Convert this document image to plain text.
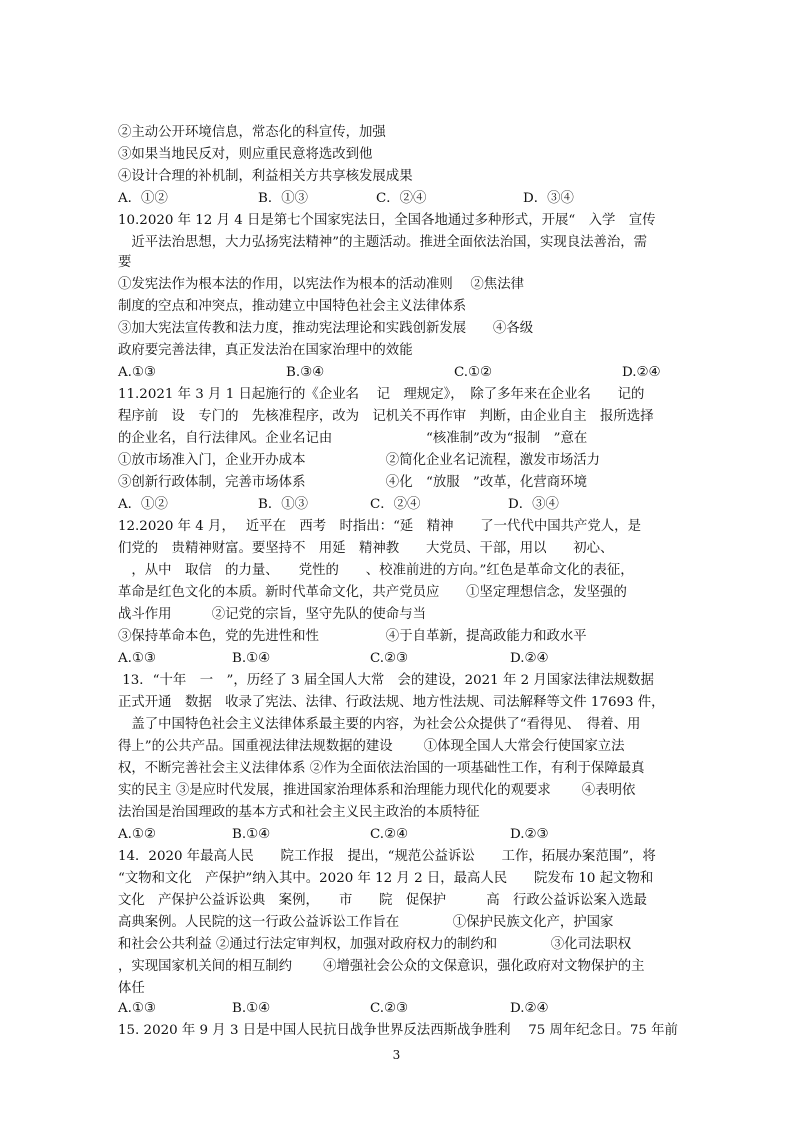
②主动公开环境信息，常态化的科宣传，加强
③如果当地民反对，则应重民意将选改到他
④设计合理的补机制，利益相关方共享核发展成果
A．①②	B．①③	C．②④	D．③④
10.2020 年 12 月 4 日是第七个国家宪法日，全国各地通过多种形式，开展“　入学　宣传
　近平法治思想，大力弘扬宪法精神”的主题活动。推进全面依法治国，实现良法善治，需
要
①发宪法作为根本法的作用，以宪法作为根本的活动准则　 ②焦法律
制度的空点和冲突点，推动建立中国特色社会主义法律体系
③加大宪法宣传教和法力度，推动宪法理论和实践创新发展　　④各级
政府要完善法律，真正发法治在国家治理中的效能
A.①③	B.③④	C.①②	D.②④
11.2021 年 3 月 1 日起施行的《企业名　 记　理规定》，　除了多年来在企业名　　记的
程序前　设　专门的　先核准程序，改为　记机关不再作审　判断，由企业自主　报所选择
的企业名，自行法律风。企业名记由　　　　　　　“核准制”改为“报制　”意在
①放市场准入门，企业开办成本　　　　　　②简化企业名记流程，激发市场活力
③创新行政体制，完善市场体系　　　　　　④化　“放服　”改革，化营商环境
A．①②	B．①③	C．②④	D．③④
12.2020 年 4 月，　 近平在　西考　时指出：“延　精神　　了一代代中国共产党人，是
们党的　贵精神财富。要坚持不　用延　精神教　　大党员、干部，用以　　初心、
　，从中　取信　的力量、　　党性的　　、校准前进的方向。”红色是革命文化的表征，
革命是红色文化的本质。新时代革命文化，共产党员应　　①坚定理想信念，发坚强的
战斗作用　　　②记党的宗旨，坚守先队的使命与当
③保持革命本色，党的先进性和性　　　　　④于自革新，提高政能力和政水平
A.①③	B.①④	C.②③	D.②④
13．“十年　一　”，历经了 3 届全国人大常　会的建设，2021 年 2 月国家法律法规数据
正式开通　数据　收录了宪法、法律、行政法规、地方性法规、司法解释等文件 17693 件，
　盖了中国特色社会主义法律体系最主要的内容，为社会公众提供了“看得见、　得着、用
得上”的公共产品。国重视法律法规数据的建设　　 ①体现全国人大常会行使国家立法
权，不断完善社会主义法律体系 ②作为全面依法治国的一项基础性工作，有利于保障最真
实的民主 ③是应时代发展，推进国家治理体系和治理能力现代化的观要求　　 ④表明依
法治国是治国理政的基本方式和社会主义民主政治的本质特征
A.①②	B.①④	C.②④	D.②③
14．2020 年最高人民　　院工作报　提出，“规范公益诉讼　　工作，拓展办案范围”，将
“文物和文化　产保护”纳入其中。2020 年 12 月 2 日，最高人民　　院发布 10 起文物和
文化　产保护公益诉讼典　案例，　　市　　院　促保护　　　高　行政公益诉讼案入选最
高典案例。人民院的这一行政公益诉讼工作旨在　　　　①保护民族文化产，护国家
和社会公共利益 ②通过行法定审判权，加强对政府权力的制约和　　　　③化司法职权
，实现国家机关间的相互制约　　 ④增强社会公众的文保意识，强化政府对文物保护的主
体任
A.①③	B.①④	C.②③	D.②④
15. 2020 年 9 月 3 日是中国人民抗日战争世界反法西斯战争胜利　 75 周年纪念日。75 年前
3
